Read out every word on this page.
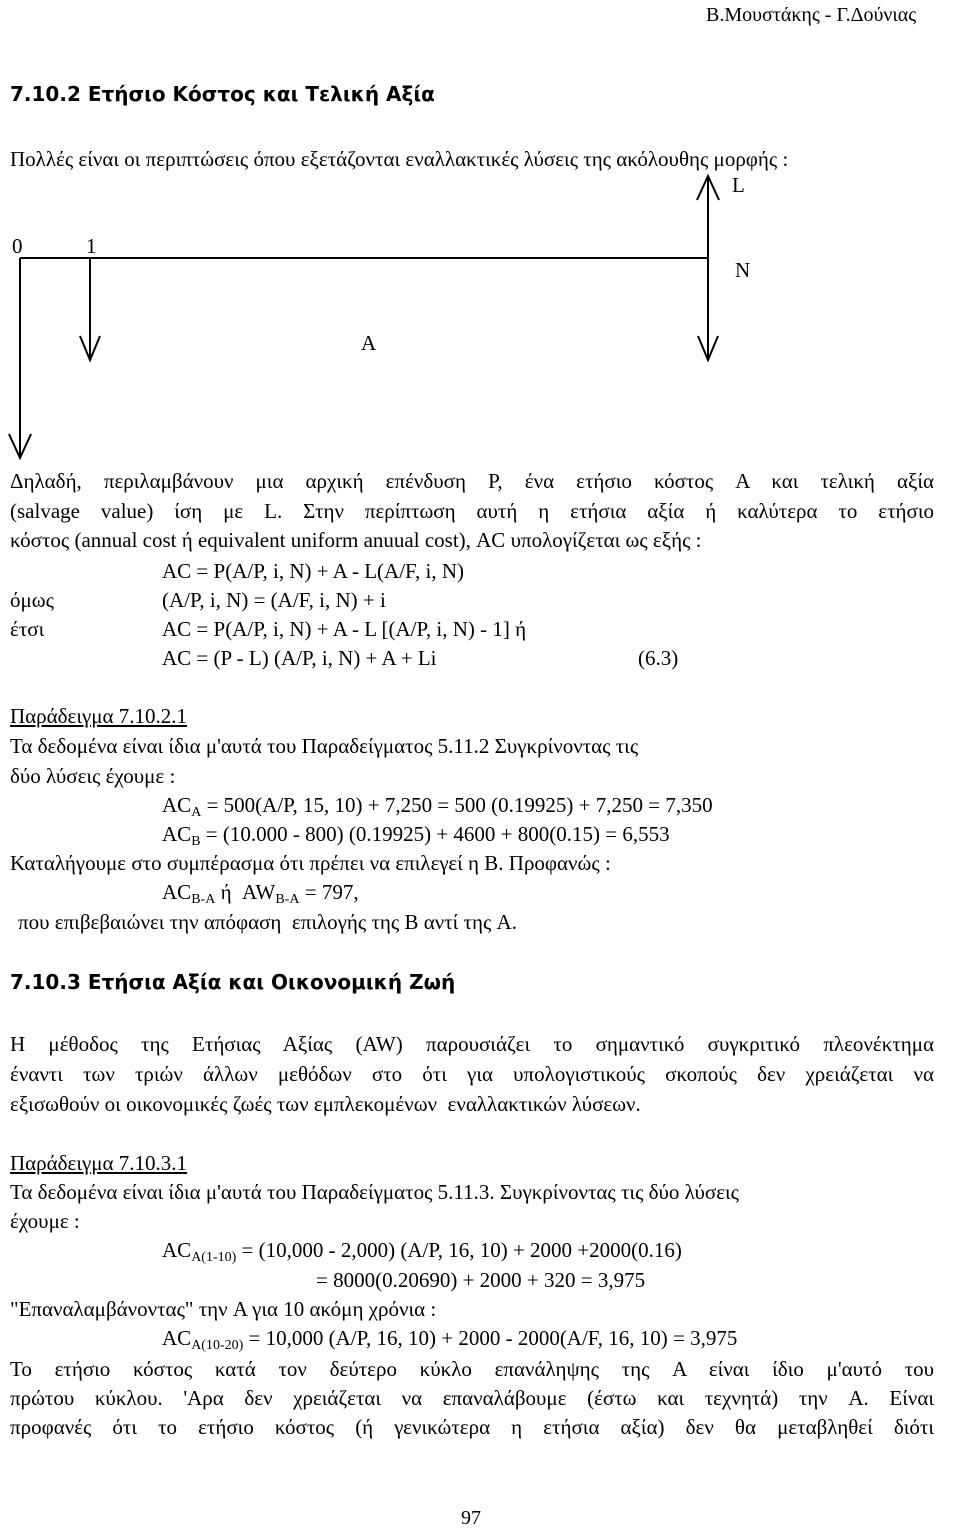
Β.Μουστάκης - Γ.Δούνιας
7.10.2 Ετήσιο Κόστος και Τελική Αξία
Πολλές είναι οι περιπτώσεις όπου εξετάζονται εναλλακτικές λύσεις της ακόλουθης μορφής :
L
0	1
N
A
Δηλαδή, περιλαμβάνουν μια αρχική επένδυση P, ένα ετήσιο κόστος A και τελική αξία
(salvage value) ίση με L. Στην περίπτωση αυτή η ετήσια αξία ή καλύτερα το ετήσιο
κόστος (annual cost ή equivalent uniform anuual cost), AC υπολογίζεται ως εξής :
AC = P(A/P, i, N) + A - L(A/F, i, N)
όμως	(A/P, i, N) = (A/F, i, N) + i
έτσι	AC = P(A/P, i, N) + A - L [(A/P, i, N) - 1] ή
AC = (P - L) (A/P, i, N) + A + Li	(6.3)
Παράδειγμα 7.10.2.1
Τα δεδομένα είναι ίδια μ'αυτά του Παραδείγματος 5.11.2 Συγκρίνοντας τις
δύο λύσεις έχουμε :
$AC_A = 500(A/P$, 15, 10) + 7,250 = 500 (0.19925) + 7,250 = 7,350
$AC_B = (10.000 - 800) (0.19925) + 4600 + 800(0.15) = 6,553$
Καταλήγουμε στο συμπέρασμα ότι πρέπει να επιλεγεί η B. Προφανώς :
$AC_{B-A}$ ή  $AW_{B-A} = 797$,
που επιβεβαιώνει την απόφαση  επιλογής της B αντί της A.
7.10.3 Ετήσια Αξία και Οικονομική Ζωή
Η μέθοδος της Ετήσιας Αξίας (AW) παρουσιάζει το σημαντικό συγκριτικό πλεονέκτημα
έναντι των τριών άλλων μεθόδων στο ότι για υπολογιστικούς σκοπούς δεν χρειάζεται να
εξισωθούν οι οικονομικές ζωές των εμπλεκομένων  εναλλακτικών λύσεων.
Παράδειγμα 7.10.3.1
Τα δεδομένα είναι ίδια μ'αυτά του Παραδείγματος 5.11.3. Συγκρίνοντας τις δύο λύσεις
έχουμε :
$AC_{A(1-10)} = (10,000 - 2,000)$ (A/P, 16, 10) + 2000 +2000(0.16)
= 8000(0.20690) + 2000 + 320 = 3,975
"Επαναλαμβάνοντας" την A για 10 ακόμη χρόνια :
$AC_{A(10-20)} = 10,000$ (A/P, 16, 10) + 2000 - 2000(A/F, 16, 10) = 3,975
Το ετήσιο κόστος κατά τον δεύτερο κύκλο επανάληψης της A είναι ίδιο μ'αυτό του
πρώτου κύκλου. 'Αρα δεν χρειάζεται να επαναλάβουμε (έστω και τεχνητά) την A. Είναι
προφανές ότι το ετήσιο κόστος (ή γενικώτερα η ετήσια αξία) δεν θα μεταβληθεί διότι
97
